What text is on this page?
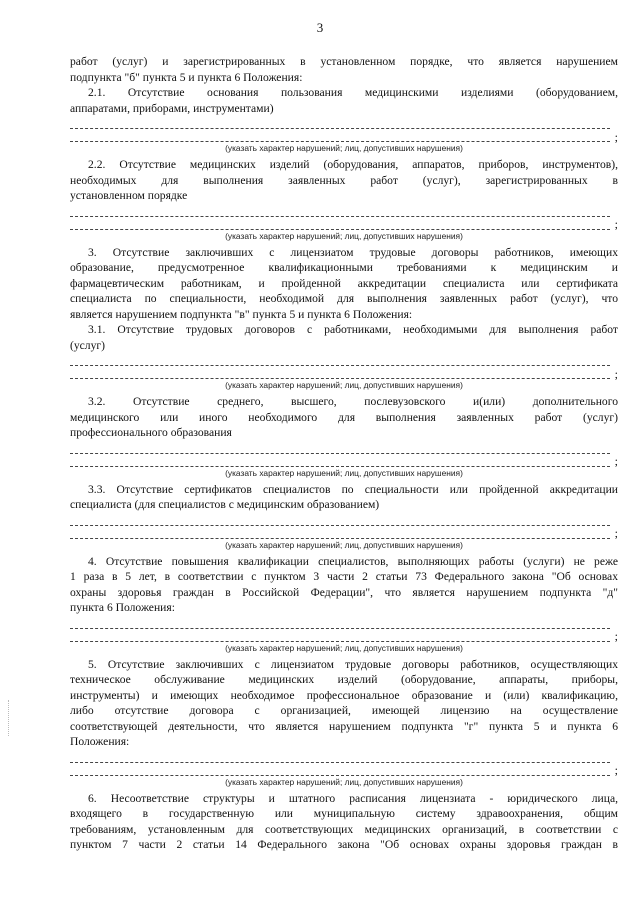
3

работ (услуг) и зарегистрированных в установленном порядке, что является нарушением

подпункта "б" пункта 5 и пункта 6 Положения:

2.1. Отсутствие основания пользования медицинскими изделиями (оборудованием,

аппаратами, приборами, инструментами)

;
(указать характер нарушений; лиц, допустивших нарушения)

2.2. Отсутствие медицинских изделий (оборудования, аппаратов, приборов, инструментов),

необходимых для выполнения заявленных работ (услуг), зарегистрированных в

установленном порядке

;
(указать характер нарушений; лиц, допустивших нарушения)

3. Отсутствие заключивших с лицензиатом трудовые договоры работников, имеющих

образование, предусмотренное квалификационными требованиями к медицинским и

фармацевтическим работникам, и пройденной аккредитации специалиста или сертификата

специалиста по специальности, необходимой для выполнения заявленных работ (услуг), что

является нарушением подпункта "в" пункта 5 и пункта 6 Положения:

3.1. Отсутствие трудовых договоров с работниками, необходимыми для выполнения работ

(услуг)

;
(указать характер нарушений; лиц, допустивших нарушения)

3.2. Отсутствие среднего, высшего, послевузовского и(или) дополнительного

медицинского или иного необходимого для выполнения заявленных работ (услуг)

профессионального образования

;
(указать характер нарушений; лиц, допустивших нарушения)

3.3. Отсутствие сертификатов специалистов по специальности или пройденной аккредитации

специалиста (для специалистов с медицинским образованием)

;
(указать характер нарушений; лиц, допустивших нарушения)

4. Отсутствие повышения квалификации специалистов, выполняющих работы (услуги) не реже

1 раза в 5 лет, в соответствии с пунктом 3 части 2 статьи 73 Федерального закона "Об основах

охраны здоровья граждан в Российской Федерации", что является нарушением подпункта "д"

пункта 6 Положения:

;
(указать характер нарушений; лиц, допустивших нарушения)

5. Отсутствие заключивших с лицензиатом трудовые договоры работников, осуществляющих

техническое обслуживание медицинских изделий (оборудование, аппараты, приборы,

инструменты) и имеющих необходимое профессиональное образование и (или) квалификацию,

либо отсутствие договора с организацией, имеющей лицензию на осуществление

соответствующей деятельности, что является нарушением подпункта "г" пункта 5 и пункта 6

Положения:

;
(указать характер нарушений; лиц, допустивших нарушения)

6. Несоответствие структуры и штатного расписания лицензиата - юридического лица,

входящего в государственную или муниципальную систему здравоохранения, общим

требованиям, установленным для соответствующих медицинских организаций, в соответствии с

пунктом 7 части 2 статьи 14 Федерального закона "Об основах охраны здоровья граждан в
